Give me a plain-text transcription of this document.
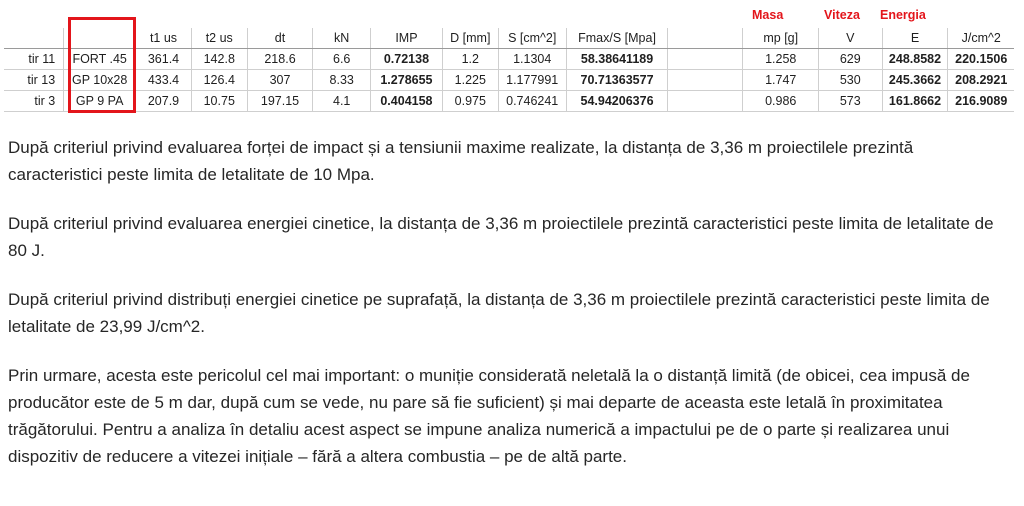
Masa	Viteza Energia
		t1 us	t2 us	dt	kN	IMP	D [mm]	S [cm^2]	Fmax/S [Mpa]		mp [g]	V	E	J/cm^2
tir 11	FORT .45	361.4	142.8	218.6	6.6	0.72138	1.2	1.1304	58.38641189		1.258	629	248.8582	220.1506
tir 13	GP 10x28	433.4	126.4	307	8.33	1.278655	1.225	1.177991	70.71363577		1.747	530	245.3662	208.2921
tir 3	GP 9 PA	207.9	10.75	197.15	4.1	0.404158	0.975	0.746241	54.94206376		0.986	573	161.8662	216.9089

După criteriul privind evaluarea forței de impact și a tensiunii maxime realizate, la distanța de 3,36 m proiectilele prezintă caracteristici peste limita de letalitate de 10 Mpa.

După criteriul privind evaluarea energiei cinetice, la distanța de 3,36 m proiectilele prezintă caracteristici peste limita de letalitate de 80 J.

După criteriul privind distribuți energiei cinetice pe suprafață, la distanța de 3,36 m proiectilele prezintă caracteristici peste limita de letalitate de 23,99 J/cm^2.

Prin urmare, acesta este pericolul cel mai important: o muniție considerată neletală la o distanță limită (de obicei, cea impusă de producător este de 5 m dar, după cum se vede, nu pare să fie suficient) și mai departe de aceasta este letală în proximitatea trăgătorului. Pentru a analiza în detaliu acest aspect se impune analiza numerică a impactului pe de o parte și realizarea unui dispozitiv de reducere a vitezei inițiale – fără a altera combustia – pe de altă parte.
